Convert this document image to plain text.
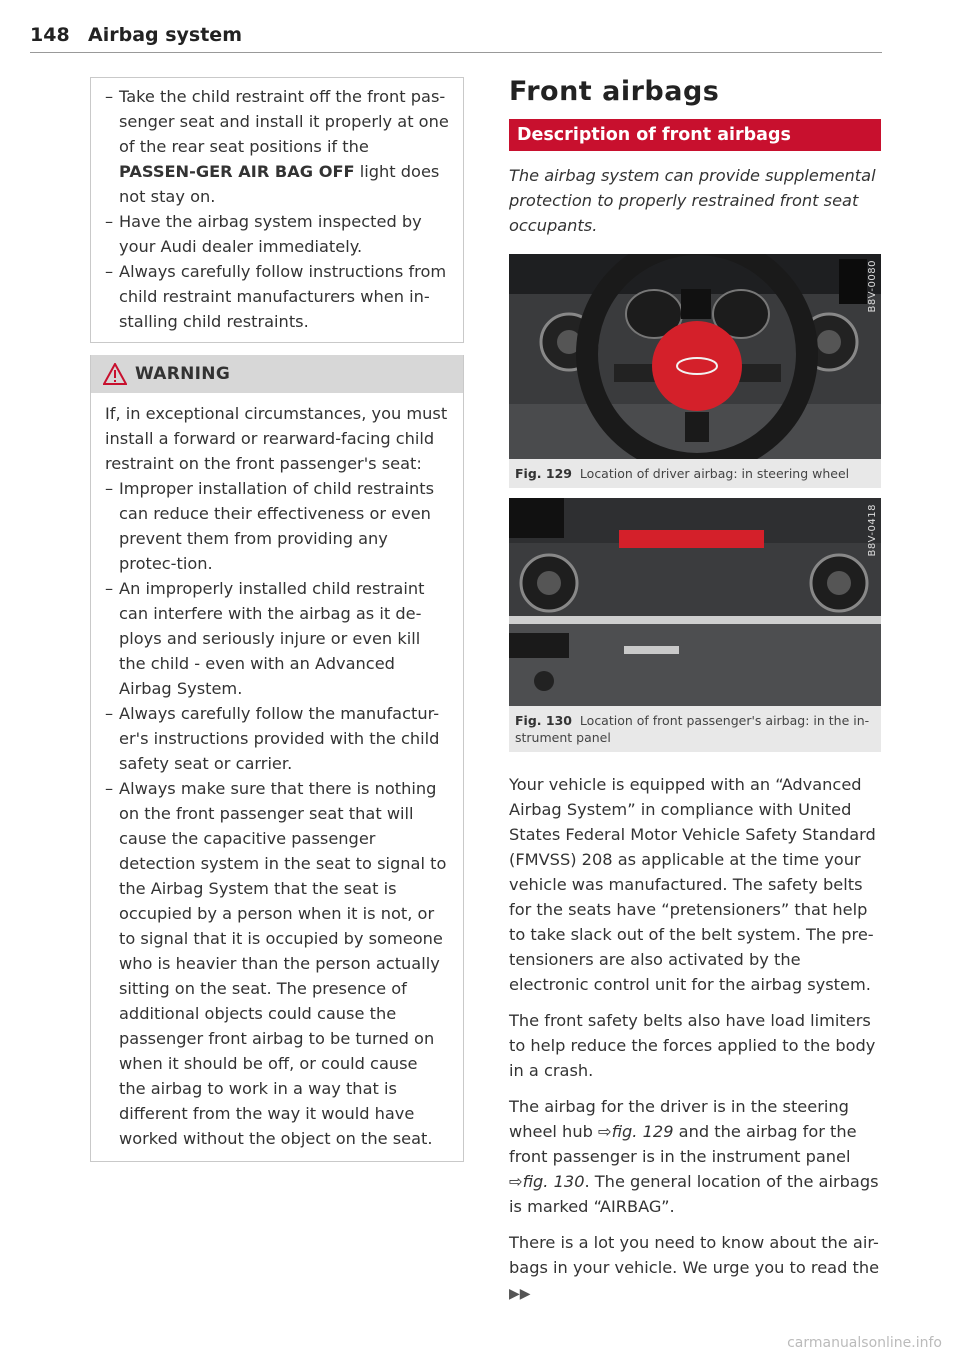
148 Airbag system
– Take the child restraint off the front pas-senger seat and install it properly at one of the rear seat positions if the PASSEN-GER AIR BAG OFF light does not stay on.
– Have the airbag system inspected by your Audi dealer immediately.
– Always carefully follow instructions from child restraint manufacturers when in-stalling child restraints.
WARNING

If, in exceptional circumstances, you must install a forward or rearward-facing child restraint on the front passenger's seat:

– Improper installation of child restraints can reduce their effectiveness or even prevent them from providing any protec-tion.
– An improperly installed child restraint can interfere with the airbag as it de-ploys and seriously injure or even kill the child - even with an Advanced Airbag System.
– Always carefully follow the manufactur-er's instructions provided with the child safety seat or carrier.
– Always make sure that there is nothing on the front passenger seat that will cause the capacitive passenger detection system in the seat to signal to the Airbag System that the seat is occupied by a person when it is not, or to signal that it is occupied by someone who is heavier than the person actually sitting on the seat. The presence of additional objects could cause the passenger front airbag to be turned on when it should be off, or could cause the airbag to work in a way that is different from the way it would have worked without the object on the seat.
Front airbags
Description of front airbags
The airbag system can provide supplemental protection to properly restrained front seat occupants.
B8V-0080
Fig. 129 Location of driver airbag: in steering wheel
B8V-0418
Fig. 130 Location of front passenger's airbag: in the in-strument panel

Your vehicle is equipped with an “Advanced Airbag System” in compliance with United States Federal Motor Vehicle Safety Standard (FMVSS) 208 as applicable at the time your vehicle was manufactured. The safety belts for the seats have “pretensioners” that help to take slack out of the belt system. The pre-tensioners are also activated by the electronic control unit for the airbag system.

The front safety belts also have load limiters to help reduce the forces applied to the body in a crash.

The airbag for the driver is in the steering wheel hub ⇨fig. 129 and the airbag for the front passenger is in the instrument panel ⇨fig. 130. The general location of the airbags is marked “AIRBAG”.

There is a lot you need to know about the air-bags in your vehicle. We urge you to read the ▶▶

carmanualsonline.info
